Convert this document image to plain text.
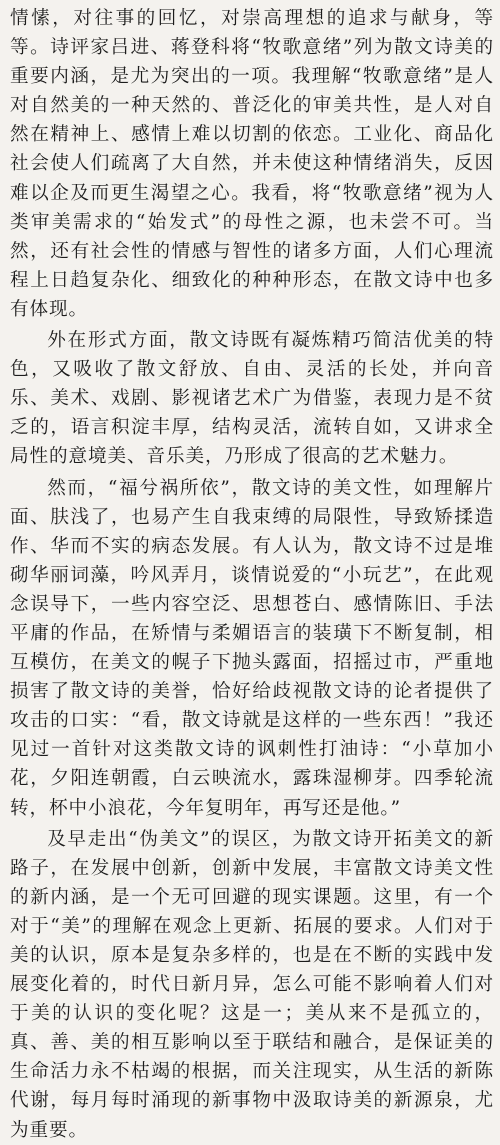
情愫，对往事的回忆，对崇高理想的追求与献身，等等。诗评家吕进、蒋登科将“牧歌意绪”列为散文诗美的重要内涵，是尤为突出的一项。我理解“牧歌意绪”是人对自然美的一种天然的、普泛化的审美共性，是人对自然在精神上、感情上难以切割的依恋。工业化、商品化社会使人们疏离了大自然，并未使这种情绪消失，反因难以企及而更生渴望之心。我看，将“牧歌意绪”视为人类审美需求的“始发式”的母性之源，也未尝不可。当然，还有社会性的情感与智性的诸多方面，人们心理流程上日趋复杂化、细致化的种种形态，在散文诗中也多有体现。

外在形式方面，散文诗既有凝炼精巧简洁优美的特色，又吸收了散文舒放、自由、灵活的长处，并向音乐、美术、戏剧、影视诸艺术广为借鉴，表现力是不贫乏的，语言积淀丰厚，结构灵活，流转自如，又讲求全局性的意境美、音乐美，乃形成了很高的艺术魅力。

然而，“福兮祸所依”，散文诗的美文性，如理解片面、肤浅了，也易产生自我束缚的局限性，导致矫揉造作、华而不实的病态发展。有人认为，散文诗不过是堆砌华丽词藻，吟风弄月，谈情说爱的“小玩艺”，在此观念误导下，一些内容空泛、思想苍白、感情陈旧、手法平庸的作品，在矫情与柔媚语言的装璜下不断复制，相互模仿，在美文的幌子下抛头露面，招摇过市，严重地损害了散文诗的美誉，恰好给歧视散文诗的论者提供了攻击的口实：“看，散文诗就是这样的一些东西！”我还见过一首针对这类散文诗的讽刺性打油诗：“小草加小花，夕阳连朝霞，白云映流水，露珠湿柳芽。四季轮流转，杯中小浪花，今年复明年，再写还是他。”

及早走出“伪美文”的误区，为散文诗开拓美文的新路子，在发展中创新，创新中发展，丰富散文诗美文性的新内涵，是一个无可回避的现实课题。这里，有一个对于“美”的理解在观念上更新、拓展的要求。人们对于美的认识，原本是复杂多样的，也是在不断的实践中发展变化着的，时代日新月异，怎么可能不影响着人们对于美的认识的变化呢？这是一；美从来不是孤立的，真、善、美的相互影响以至于联结和融合，是保证美的生命活力永不枯竭的根据，而关注现实，从生活的新陈代谢，每月每时涌现的新事物中汲取诗美的新源泉，尤为重要。
